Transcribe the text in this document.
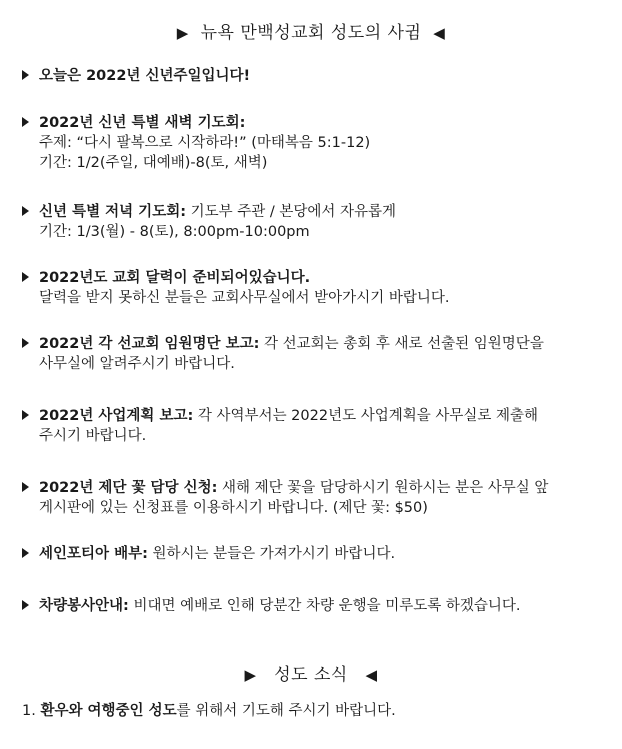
▶ 뉴욕 만백성교회 성도의 사귐 ◀
오늘은 2022년 신년주일입니다!
2022년 신년 특별 새벽 기도회:
주제: “다시 팔복으로 시작하라!” (마태복음 5:1-12)
기간: 1/2(주일, 대예배)-8(토, 새벽)
신년 특별 저녁 기도회: 기도부 주관 / 본당에서 자유롭게
기간: 1/3(월) - 8(토), 8:00pm-10:00pm
2022년도 교회 달력이 준비되어있습니다.
달력을 받지 못하신 분들은 교회사무실에서 받아가시기 바랍니다.
2022년 각 선교회 임원명단 보고: 각 선교회는 총회 후 새로 선출된 임원명단을
사무실에 알려주시기 바랍니다.
2022년 사업계획 보고: 각 사역부서는 2022년도 사업계획을 사무실로 제출해
주시기 바랍니다.
2022년 제단 꽃 담당 신청: 새해 제단 꽃을 담당하시기 원하시는 분은 사무실 앞
게시판에 있는 신청표를 이용하시기 바랍니다. (제단 꽃: $50)
세인포티아 배부: 원하시는 분들은 가져가시기 바랍니다.
차량봉사안내: 비대면 예배로 인해 당분간 차량 운행을 미루도록 하겠습니다.
▶ 성도 소식 ◀
1. 환우와 여행중인 성도를 위해서 기도해 주시기 바랍니다.
